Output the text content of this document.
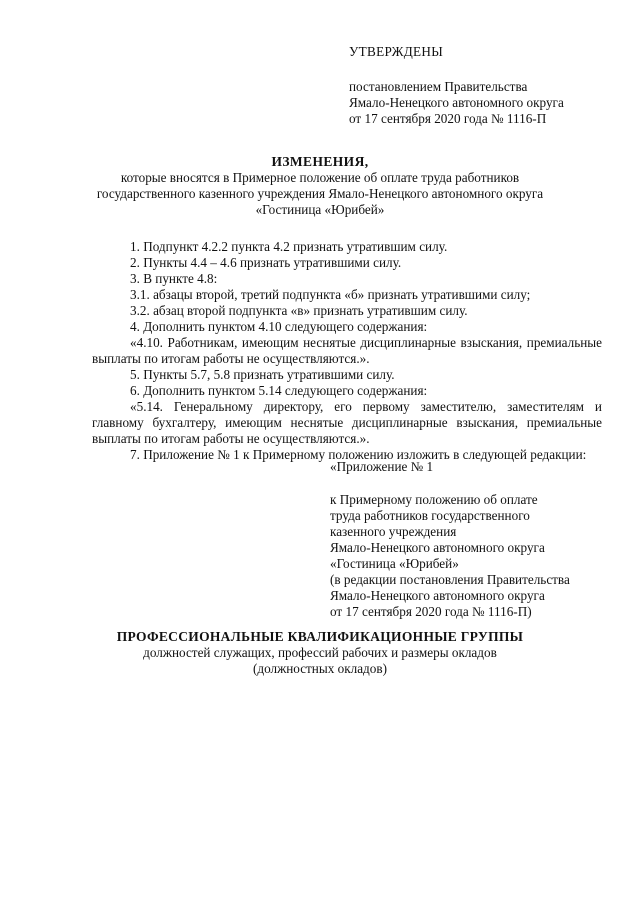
УТВЕРЖДЕНЫ
постановлением Правительства
Ямало-Ненецкого автономного округа
от 17 сентября 2020 года № 1116-П
ИЗМЕНЕНИЯ,
которые вносятся в Примерное положение об оплате труда работников
государственного казенного учреждения Ямало-Ненецкого автономного округа
«Гостиница «Юрибей»

1. Подпункт 4.2.2 пункта 4.2 признать утратившим силу.

2. Пункты 4.4 – 4.6 признать утратившими силу.

3. В пункте 4.8:

3.1. абзацы второй, третий подпункта «б» признать утратившими силу;

3.2. абзац второй подпункта «в» признать утратившим силу.

4. Дополнить пунктом 4.10 следующего содержания:

«4.10. Работникам, имеющим неснятые дисциплинарные взыскания, премиальные выплаты по итогам работы не осуществляются.».

5. Пункты 5.7, 5.8 признать утратившими силу.

6. Дополнить пунктом 5.14 следующего содержания:

«5.14. Генеральному директору, его первому заместителю, заместителям и главному бухгалтеру, имеющим неснятые дисциплинарные взыскания, премиальные выплаты по итогам работы не осуществляются.».

7. Приложение № 1 к Примерному положению изложить в следующей редакции:

«Приложение № 1
к Примерному положению об оплате
труда работников государственного
казенного учреждения
Ямало-Ненецкого автономного округа
«Гостиница «Юрибей»
(в редакции постановления Правительства
Ямало-Ненецкого автономного округа
от 17 сентября 2020 года № 1116-П)
ПРОФЕССИОНАЛЬНЫЕ КВАЛИФИКАЦИОННЫЕ ГРУППЫ
должностей служащих, профессий рабочих и размеры окладов
(должностных окладов)
